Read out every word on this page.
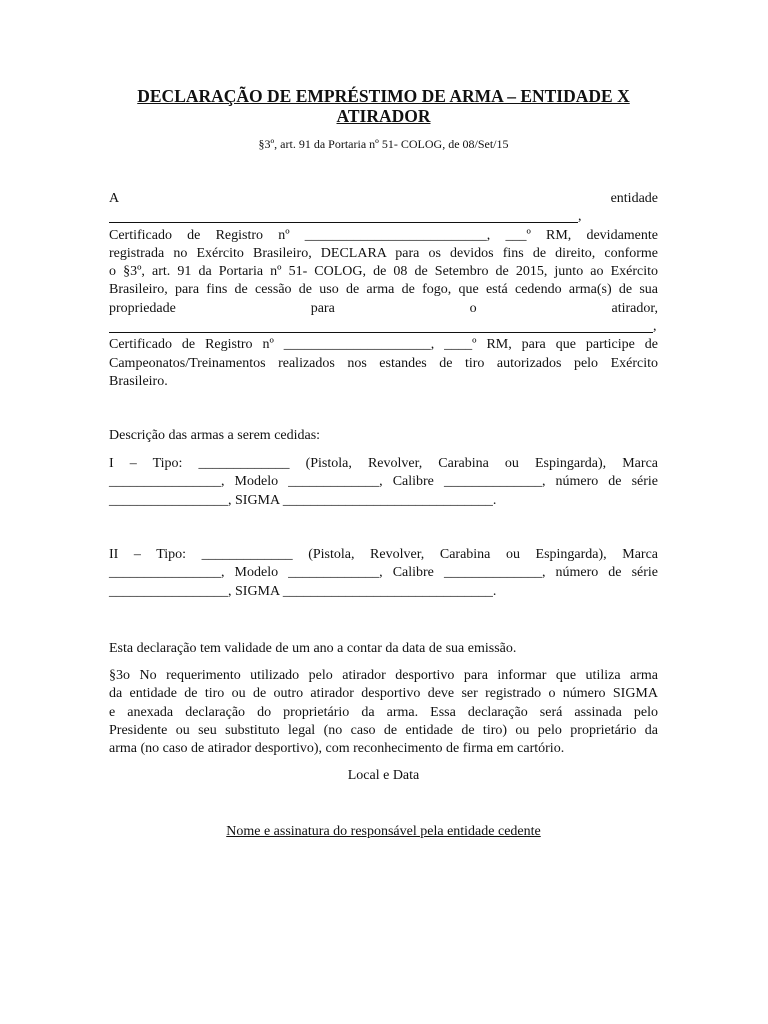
DECLARAÇÃO DE EMPRÉSTIMO DE ARMA – ENTIDADE X
ATIRADOR
§3º, art. 91 da Portaria nº 51- COLOG, de 08/Set/15
A entidade
,
Certificado de Registro nº __________________________, ___º RM, devidamente
registrada no Exército Brasileiro, DECLARA para os devidos fins de direito, conforme
o §3º, art. 91 da Portaria nº 51- COLOG, de 08 de Setembro de 2015, junto ao Exército
Brasileiro, para fins de cessão de uso de arma de fogo, que está cedendo arma(s) de sua
propriedade para o atirador,
,
Certificado de Registro nº _____________________, ____º RM, para que participe de
Campeonatos/Treinamentos realizados nos estandes de tiro autorizados pelo Exército
Brasileiro.
Descrição das armas a serem cedidas:
I – Tipo: _____________ (Pistola, Revolver, Carabina ou Espingarda), Marca
________________, Modelo _____________, Calibre ______________, número de série
_________________, SIGMA ______________________________.
II – Tipo: _____________ (Pistola, Revolver, Carabina ou Espingarda), Marca
________________, Modelo _____________, Calibre ______________, número de série
_________________, SIGMA ______________________________.
Esta declaração tem validade de um ano a contar da data de sua emissão.
§3o No requerimento utilizado pelo atirador desportivo para informar que utiliza arma
da entidade de tiro ou de outro atirador desportivo deve ser registrado o número SIGMA
e anexada declaração do proprietário da arma. Essa declaração será assinada pelo
Presidente ou seu substituto legal (no caso de entidade de tiro) ou pelo proprietário da
arma (no caso de atirador desportivo), com reconhecimento de firma em cartório.
Local e Data
Nome e assinatura do responsável pela entidade cedente
